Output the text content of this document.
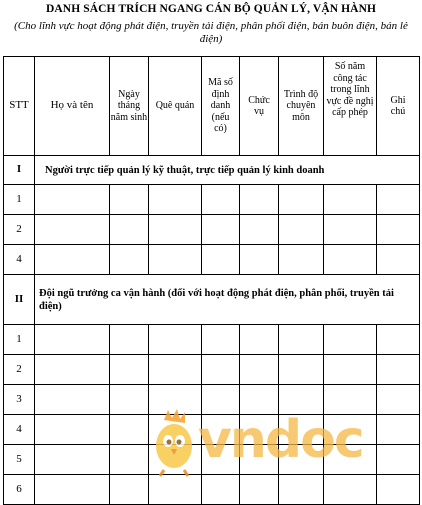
DANH SÁCH TRÍCH NGANG CÁN BỘ QUẢN LÝ, VẬN HÀNH
(Cho lĩnh vực hoạt động phát điện, truyền tải điện, phân phối điện, bán buôn điện, bán lẻ điện)
STT	Họ và tên	Ngày tháng năm sinh	Quê quán	Mã số định danh (nếu có)	Chức vụ	Trình độ chuyên môn	Số năm công tác trong lĩnh vực đề nghị cấp phép	Ghi chú
I	Người trực tiếp quản lý kỹ thuật, trực tiếp quản lý kinh doanh							
1								
2								
4								
II	Đội ngũ trưởng ca vận hành (đối với hoạt động phát điện, phân phối, truyền tải điện)							
1								
2								
3								
4								
5								
6								
vndoc
